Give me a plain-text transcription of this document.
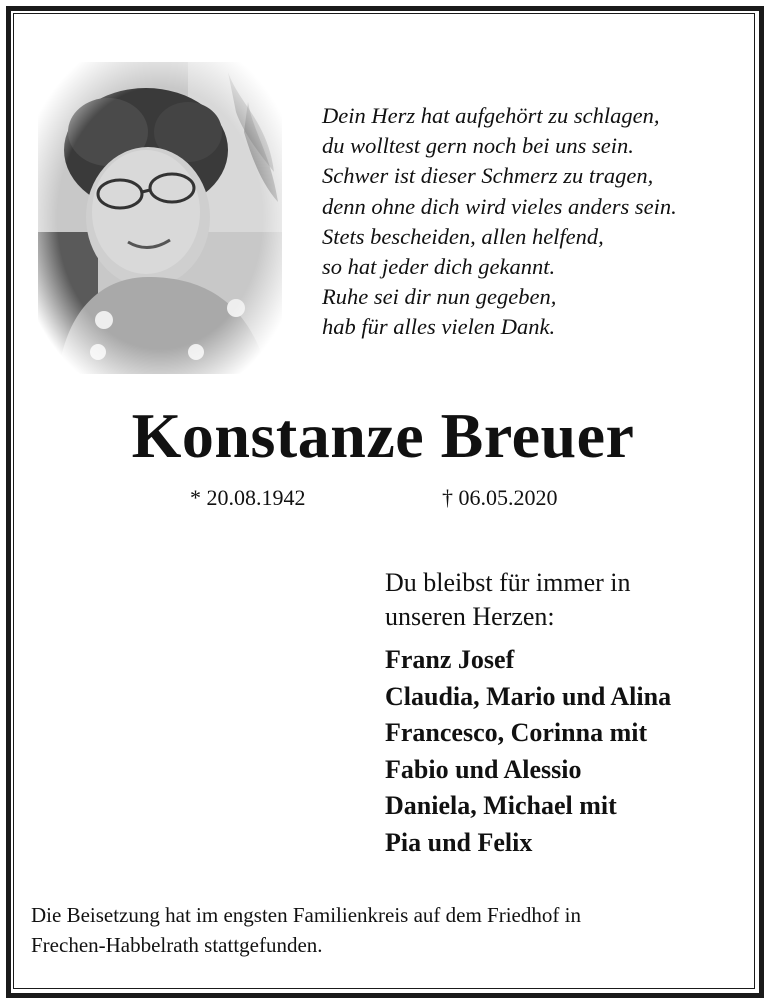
Dein Herz hat aufgehört zu schlagen,
du wolltest gern noch bei uns sein.
Schwer ist dieser Schmerz zu tragen,
denn ohne dich wird vieles anders sein.
Stets bescheiden, allen helfend,
so hat jeder dich gekannt.
Ruhe sei dir nun gegeben,
hab für alles vielen Dank.
Konstanze Breuer
* 20.08.1942	† 06.05.2020
Du bleibst für immer in
unseren Herzen:
Franz Josef
Claudia, Mario und Alina
Francesco, Corinna mit
Fabio und Alessio
Daniela, Michael mit
Pia und Felix
Die Beisetzung hat im engsten Familienkreis auf dem Friedhof in
Frechen-Habbelrath stattgefunden.
